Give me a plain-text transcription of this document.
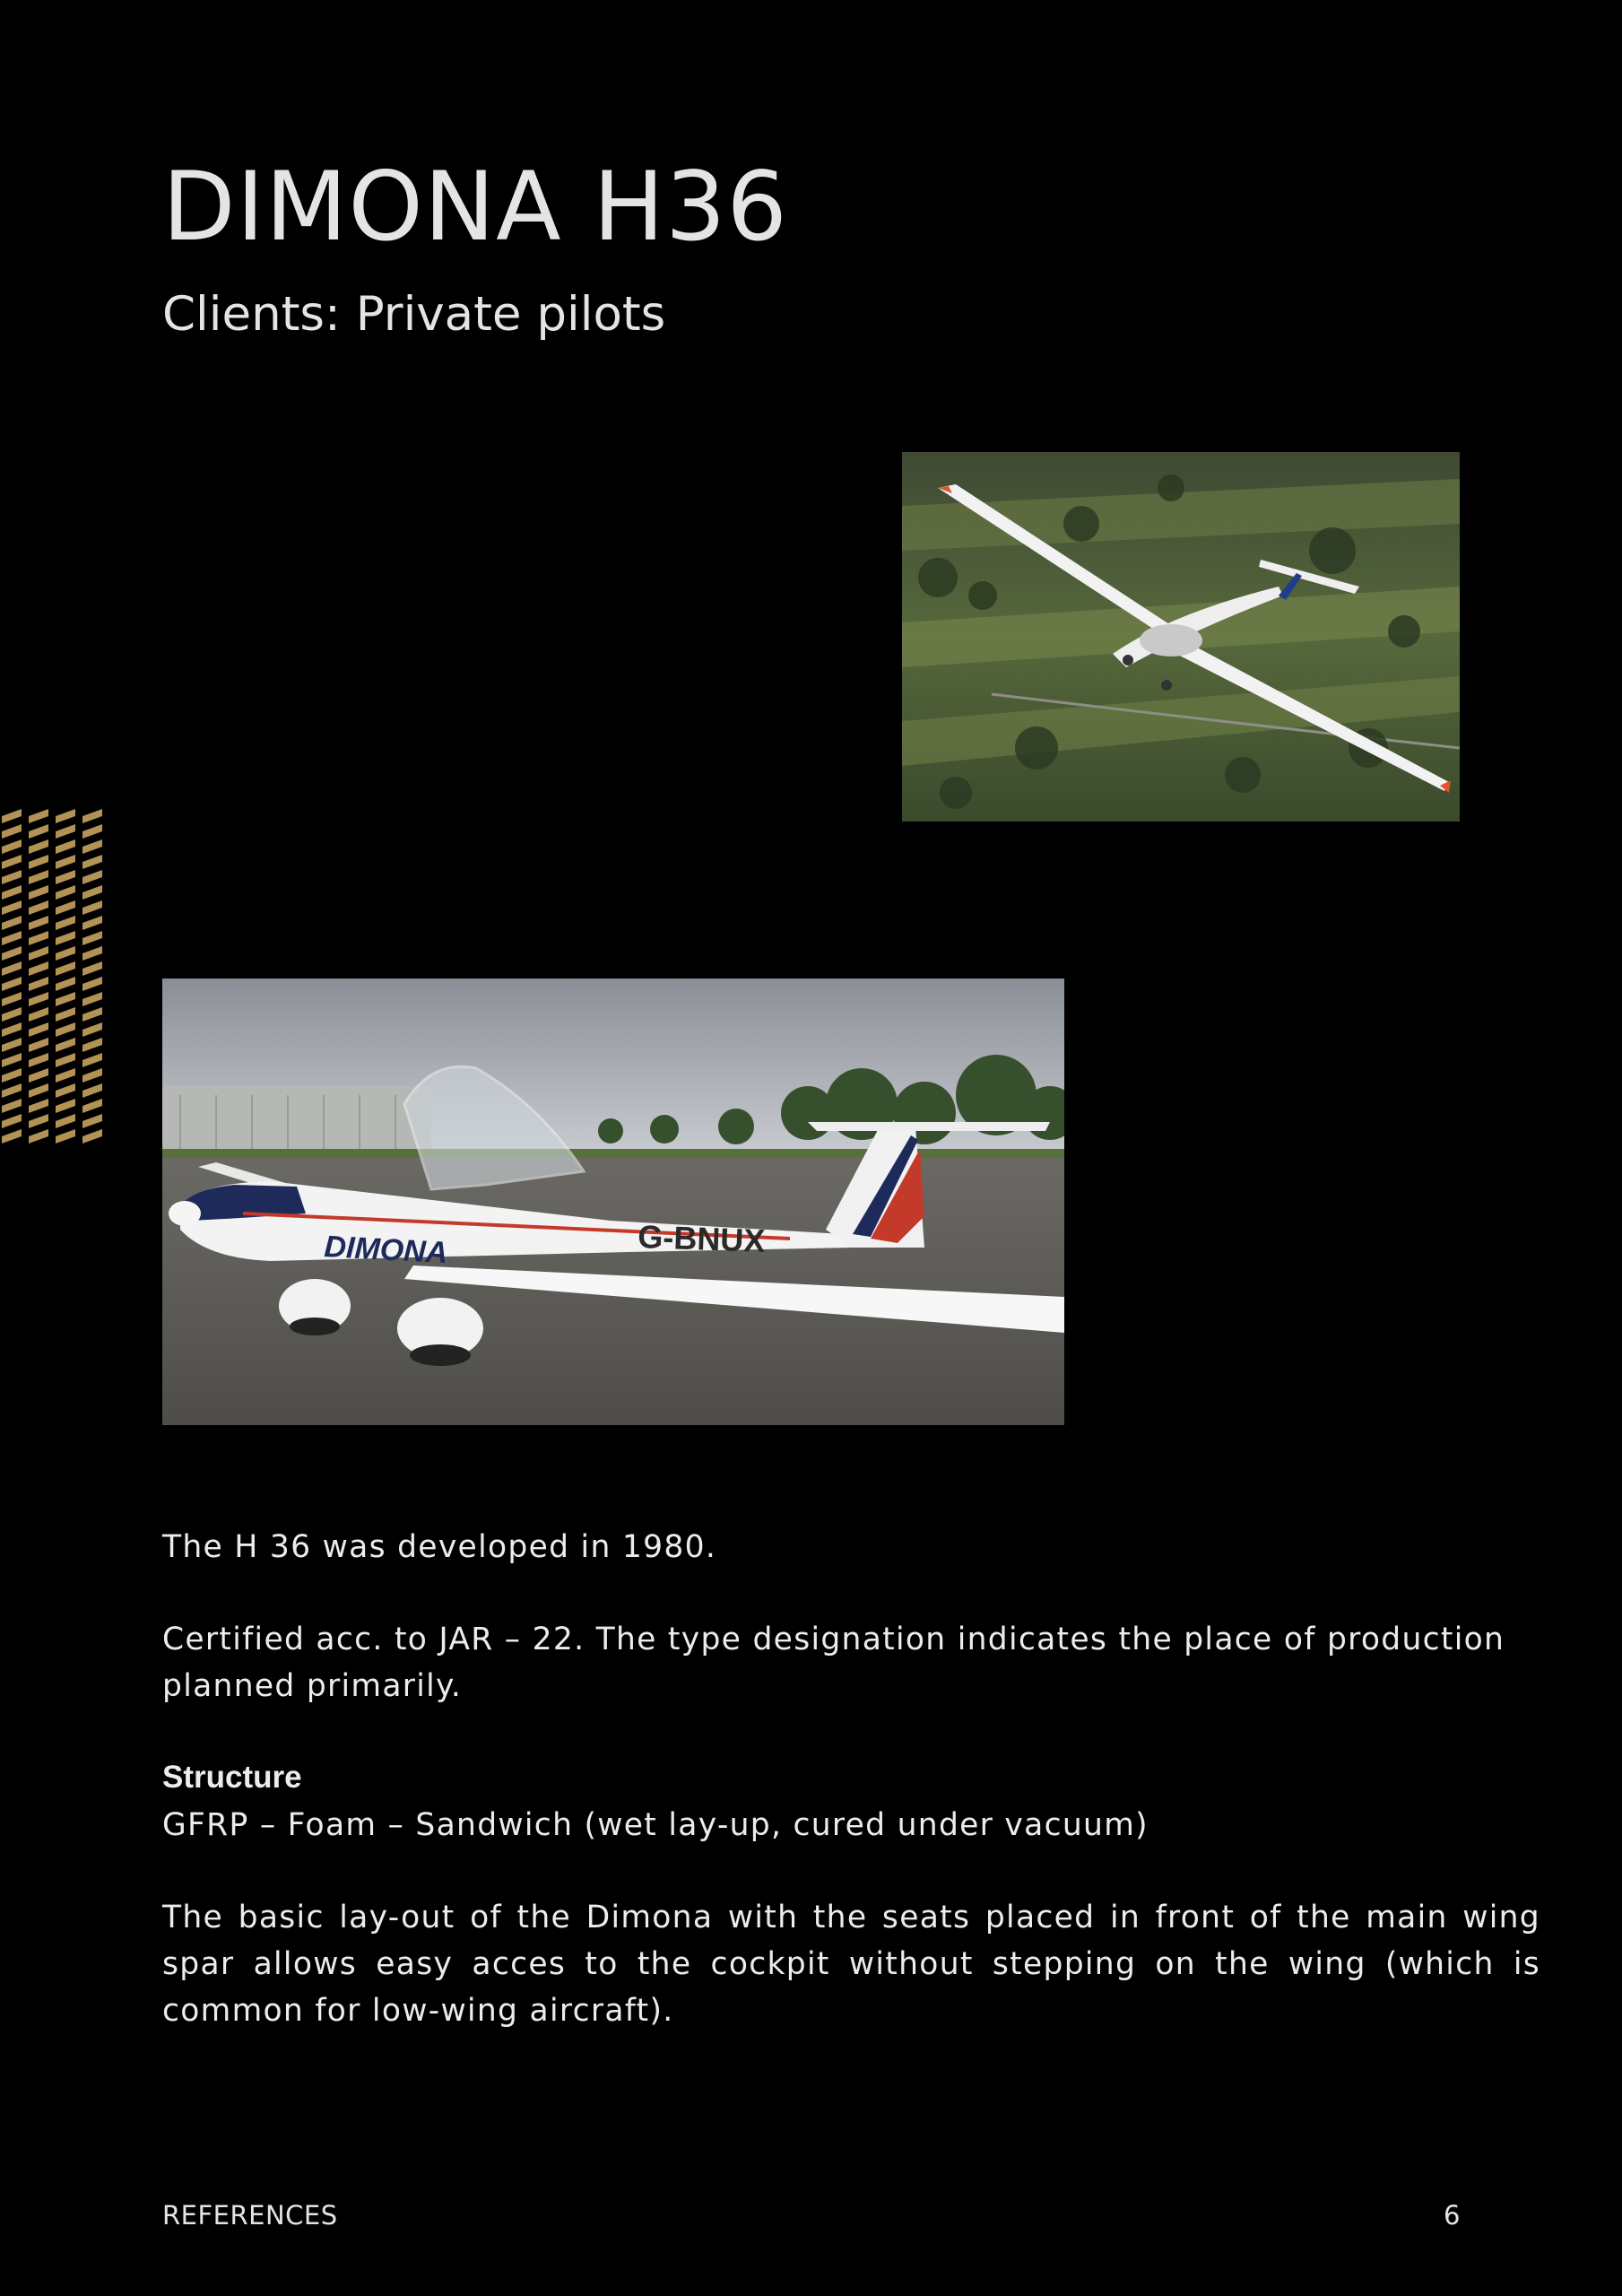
DIMONA H36
Clients: Private pilots
DIMONA	G-BNUX

The H 36 was developed in 1980.

Certified acc. to JAR – 22. The type designation indicates the place of production

planned primarily.

Structure

GFRP – Foam – Sandwich (wet lay-up, cured under vacuum)

The basic lay-out of the Dimona with the seats placed in front of the main wing spar allows easy acces to the cockpit without stepping on the wing (which is common for low-wing aircraft).

REFERENCES	6
